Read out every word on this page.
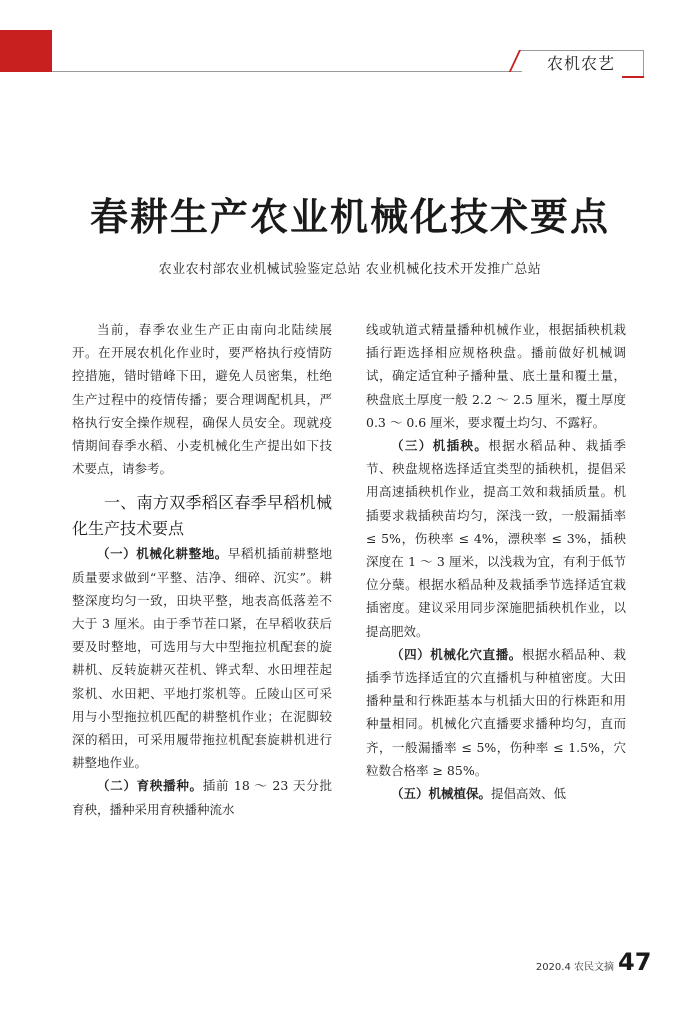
农机农艺
春耕生产农业机械化技术要点
农业农村部农业机械试验鉴定总站 农业机械化技术开发推广总站

当前，春季农业生产正由南向北陆续展开。在开展农机化作业时，要严格执行疫情防控措施，错时错峰下田，避免人员密集，杜绝生产过程中的疫情传播；要合理调配机具，严格执行安全操作规程，确保人员安全。现就疫情期间春季水稻、小麦机械化生产提出如下技术要点，请参考。

一、南方双季稻区春季早稻机械化生产技术要点

（一）机械化耕整地。早稻机插前耕整地质量要求做到“平整、洁净、细碎、沉实”。耕整深度均匀一致，田块平整，地表高低落差不大于 3 厘米。由于季节茬口紧，在早稻收获后要及时整地，可选用与大中型拖拉机配套的旋耕机、反转旋耕灭茬机、铧式犁、水田埋茬起浆机、水田耙、平地打浆机等。丘陵山区可采用与小型拖拉机匹配的耕整机作业；在泥脚较深的稻田，可采用履带拖拉机配套旋耕机进行耕整地作业。

（二）育秧播种。插前 18 ～ 23 天分批育秧，播种采用育秧播种流水

线或轨道式精量播种机械作业，根据插秧机栽插行距选择相应规格秧盘。播前做好机械调试，确定适宜种子播种量、底土量和覆土量，秧盘底土厚度一般 2.2 ～ 2.5 厘米，覆土厚度 0.3 ～ 0.6 厘米，要求覆土均匀、不露籽。

（三）机插秧。根据水稻品种、栽插季节、秧盘规格选择适宜类型的插秧机，提倡采用高速插秧机作业，提高工效和栽插质量。机插要求栽插秧苗均匀，深浅一致，一般漏插率 ≤ 5%，伤秧率 ≤ 4%，漂秧率 ≤ 3%，插秧深度在 1 ～ 3 厘米，以浅栽为宜，有利于低节位分蘖。根据水稻品种及栽插季节选择适宜栽插密度。建议采用同步深施肥插秧机作业，以提高肥效。

（四）机械化穴直播。根据水稻品种、栽插季节选择适宜的穴直播机与种植密度。大田播种量和行株距基本与机插大田的行株距和用种量相同。机械化穴直播要求播种均匀，直而齐，一般漏播率 ≤ 5%，伤种率 ≤ 1.5%，穴粒数合格率 ≥ 85%。

（五）机械植保。提倡高效、低

2020.4 农民文摘 47
